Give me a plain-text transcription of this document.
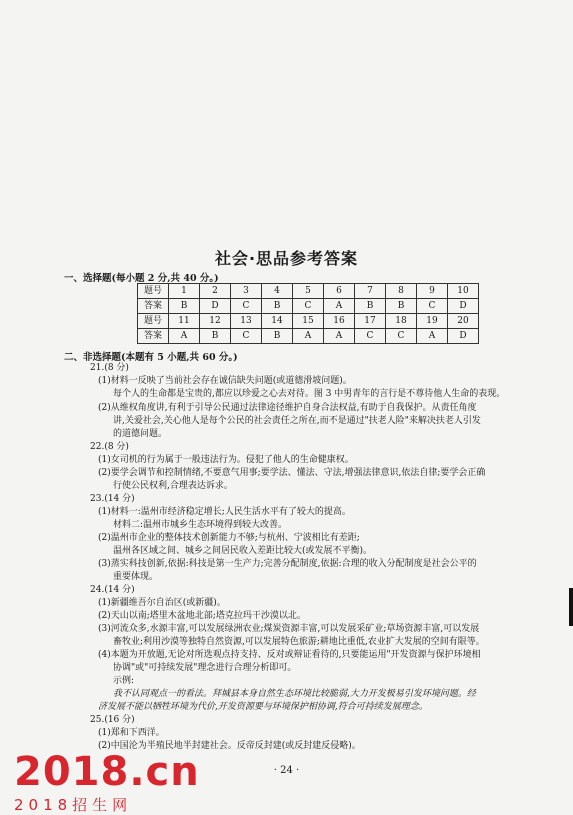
社会·思品参考答案
一、选择题(每小题 2 分,共 40 分。)
题号	1	2	3	4	5	6	7	8	9	10
答案	B	D	C	B	C	A	B	B	C	D
题号	11	12	13	14	15	16	17	18	19	20
答案	A	B	C	B	A	A	C	C	A	D
二、非选择题(本题有 5 小题,共 60 分。)
21.(8 分)
(1)材料一反映了当前社会存在诚信缺失问题(或道德滑坡问题)。
每个人的生命都是宝贵的,都应以珍爱之心去对待。图 3 中男青年的言行是不尊待他人生命的表现。
(2)从维权角度讲,有利于引导公民通过法律途径维护自身合法权益,有助于自我保护。从责任角度
讲,关爱社会,关心他人是每个公民的社会责任之所在,而不是通过"扶老人险"来解决扶老人引发
的道德问题。
22.(8 分)
(1)女司机的行为属于一般违法行为。侵犯了他人的生命健康权。
(2)要学会调节和控制情绪,不要意气用事;要学法、懂法、守法,增强法律意识,依法自律;要学会正确
行使公民权利,合理表达诉求。
23.(14 分)
(1)材料一:温州市经济稳定增长;人民生活水平有了较大的提高。
材料二:温州市城乡生态环境得到较大改善。
(2)温州市企业的整体技术创新能力不够;与杭州、宁波相比有差距;
温州各区域之间、城乡之间居民收入差距比较大(或发展不平衡)。
(3)蒸实科技创新,依据:科技是第一生产力;完善分配制度,依据:合理的收入分配制度是社会公平的
重要体现。
24.(14 分)
(1)新疆维吾尔自治区(或新疆)。
(2)天山以南;塔里木盆地北部;塔克拉玛干沙漠以北。
(3)河流众多,水源丰富,可以发展绿洲农业;煤炭资源丰富,可以发展采矿业;草场资源丰富,可以发展
畜牧业;利用沙漠等独特自然资源,可以发展特色旅游;耕地比重低,农业扩大发展的空间有限等。
(4)本题为开放题,无论对所选观点持支持、反对或辩证看待的,只要能运用"开发资源与保护环境相
协调"或"可持续发展"理念进行合理分析即可。
示例:
我不认同观点一的看法。拜城县本身自然生态环境比较脆弱,大力开发极易引发环境问题。经
济发展不能以牺牲环境为代价,开发资源要与环境保护相协调,符合可持续发展理念。
25.(16 分)
(1)郑和下西洋。
(2)中国沦为半殖民地半封建社会。反帝反封建(或反封建反侵略)。
· 24 ·
2018.cn
2018招生网
